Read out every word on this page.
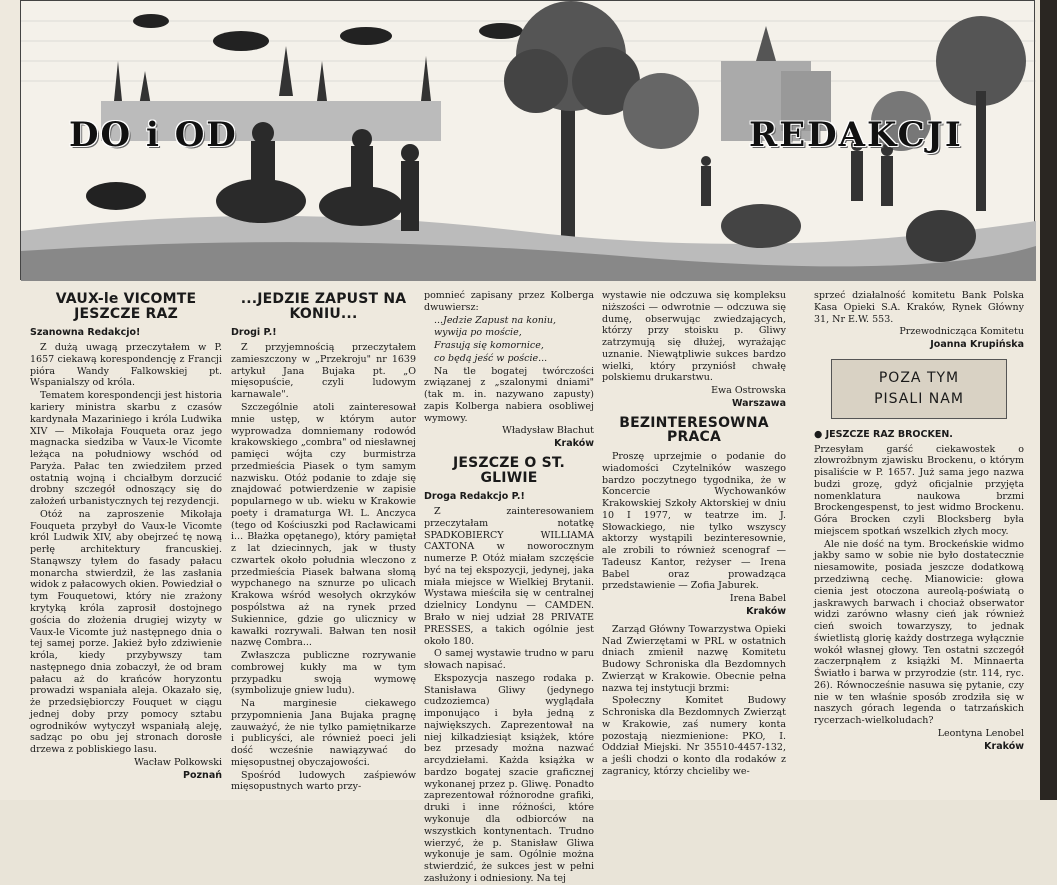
DO i OD	REDAKCJI
VAUX-le VICOMTE JESZCZE RAZ

Szanowna Redakcjo!

Z dużą uwagą przeczytałem w P. 1657 ciekawą korespondencję z Francji pióra Wandy Falkowskiej pt. Wspanialszy od króla.

Tematem korespondencji jest historia kariery ministra skarbu z czasów kardynała Mazariniego i króla Ludwika XIV — Mikołaja Fouqueta oraz jego magnacka siedziba w Vaux-le Vicomte leżąca na południowy wschód od Paryża. Pałac ten zwiedziłem przed ostatnią wojną i chciałbym dorzucić drobny szczegół odnoszący się do założeń urbanistycznych tej rezydencji.

Otóż na zaproszenie Mikołaja Fouqueta przybył do Vaux-le Vicomte król Ludwik XIV, aby obejrzeć tę nową perłę architektury francuskiej. Stanąwszy tyłem do fasady pałacu monarcha stwierdził, że las zasłania widok z pałacowych okien. Powiedział o tym Fouquetowi, który nie zrażony krytyką króla zaprosił dostojnego gościa do złożenia drugiej wizyty w Vaux-le Vicomte już następnego dnia o tej samej porze. Jakież było zdziwienie króla, kiedy przybywszy tam następnego dnia zobaczył, że od bram pałacu aż do krańców horyzontu prowadzi wspaniała aleja. Okazało się, że przedsiębiorczy Fouquet w ciągu jednej doby przy pomocy sztabu ogrodników wytyczył wspaniałą aleję, sadząc po obu jej stronach dorosłe drzewa z pobliskiego lasu.

Wacław Polkowski

Poznań

...JEDZIE ZAPUST NA KONIU...

Drogi P.!

Z przyjemnością przeczytałem zamieszczony w „Przekroju" nr 1639 artykuł Jana Bujaka pt. „O mięsopuście, czyli ludowym karnawale".

Szczególnie atoli zainteresował mnie ustęp, w którym autor wyprowadza domniemany rodowód krakowskiego „combra" od niesławnej pamięci wójta czy burmistrza przedmieścia Piasek o tym samym nazwisku. Otóż podanie to zdaje się znajdować potwierdzenie w zapisie popularnego w ub. wieku w Krakowie poety i dramaturga Wł. L. Anczyca (tego od Kościuszki pod Racławicami i... Błażka opętanego), który pamiętał z lat dziecinnych, jak w tłusty czwartek około południa wleczono z przedmieścia Piasek bałwana słomą wypchanego na sznurze po ulicach Krakowa wśród wesołych okrzyków pospólstwa aż na rynek przed Sukiennice, gdzie go ulicznicy w kawałki rozrywali. Bałwan ten nosił nazwę Combra...

Zwłaszcza publiczne rozrywanie combrowej kukły ma w tym przypadku swoją wymowę (symbolizuje gniew ludu).

Na marginesie ciekawego przypomnienia Jana Bujaka pragnę zauważyć, że nie tylko pamiętnikarze i publicyści, ale również poeci jeli dość wcześnie nawiązywać do mięsopustnej obyczajowości.

Spośród ludowych zaśpiewów mięsopustnych warto przy-

pomnieć zapisany przez Kolberga dwuwiersz:

...Jedzie Zapust na koniu,

wywija po moście,

Frasują się komornice,

co będą jeść w poście...

Na tle bogatej twórczości związanej z „szalonymi dniami" (tak m. in. nazywano zapusty) zapis Kolberga nabiera osobliwej wymowy.

Władysław Błachut

Kraków

JESZCZE O ST. GLIWIE

Droga Redakcjo P.!

Z zainteresowaniem przeczytałam notatkę SPADKOBIERCY WILLIAMA CAXTONA w noworocznym numerze P. Otóż miałam szczęście być na tej ekspozycji, jedynej, jaka miała miejsce w Wielkiej Brytanii. Wystawa mieściła się w centralnej dzielnicy Londynu — CAMDEN. Brało w niej udział 28 PRIVATE PRESSES, a takich ogólnie jest około 180.

O samej wystawie trudno w paru słowach napisać.

Ekspozycja naszego rodaka p. Stanisława Gliwy (jedynego cudzoziemca) wyglądała imponująco i była jedną z największych. Zaprezentował na niej kilkadziesiąt książek, które bez przesady można nazwać arcydziełami. Każda książka w bardzo bogatej szacie graficznej wykonanej przez p. Gliwę. Ponadto zaprezentował różnorodne grafiki, druki i inne różności, które wykonuje dla odbiorców na wszystkich kontynentach. Trudno wierzyć, że p. Stanisław Gliwa wykonuje je sam. Ogólnie można stwierdzić, że sukces jest w pełni zasłużony i odniesiony. Na tej

wystawie nie odczuwa się kompleksu niższości — odwrotnie — odczuwa się dumę, obserwując zwiedzających, którzy przy stoisku p. Gliwy zatrzymują się dłużej, wyrażając uznanie. Niewątpliwie sukces bardzo wielki, który przyniósł chwałę polskiemu drukarstwu.

Ewa Ostrowska

Warszawa

BEZINTERESOWNA PRACA

Proszę uprzejmie o podanie do wiadomości Czytelników waszego bardzo poczytnego tygodnika, że w Koncercie Wychowanków Krakowskiej Szkoły Aktorskiej w dniu 10 I 1977, w teatrze im. J. Słowackiego, nie tylko wszyscy aktorzy wystąpili bezinteresownie, ale zrobili to również scenograf — Tadeusz Kantor, reżyser — Irena Babel oraz prowadząca przedstawienie — Zofia Jaburek.

Irena Babel

Kraków

Zarząd Główny Towarzystwa Opieki Nad Zwierzętami w PRL w ostatnich dniach zmienił nazwę Komitetu Budowy Schroniska dla Bezdomnych Zwierząt w Krakowie. Obecnie pełna nazwa tej instytucji brzmi:

Społeczny Komitet Budowy Schroniska dla Bezdomnych Zwierząt w Krakowie, zaś numery konta pozostają niezmienione: PKO, I. Oddział Miejski. Nr 35510-4457-132, a jeśli chodzi o konto dla rodaków z zagranicy, którzy chcieliby we-

sprzeć działalność komitetu Bank Polska Kasa Opieki S.A. Kraków, Rynek Główny 31, Nr E.W. 553.

Przewodnicząca Komitetu

Joanna Krupińska

POZA TYM
PISALI NAM

● JESZCZE RAZ BROCKEN.

Przesyłam garść ciekawostek o złowrożbnym zjawisku Brockenu, o którym pisaliście w P. 1657. Już sama jego nazwa budzi grozę, gdyż oficjalnie przyjęta nomenklatura naukowa brzmi Brockengespenst, to jest widmo Brockenu. Góra Brocken czyli Blocksberg była miejscem spotkań wszelkich złych mocy.

Ale nie dość na tym. Brockeńskie widmo jakby samo w sobie nie było dostatecznie niesamowite, posiada jeszcze dodatkową przedziwną cechę. Mianowicie: głowa cienia jest otoczona aureolą-poświatą o jaskrawych barwach i chociaż obserwator widzi zarówno własny cień jak również cień swoich towarzyszy, to jednak świetlistą glorię każdy dostrzega wyłącznie wokół własnej głowy. Ten ostatni szczegół zaczerpnąłem z książki M. Minnaerta Światło i barwa w przyrodzie (str. 114, ryc. 26). Równocześnie nasuwa się pytanie, czy nie w ten właśnie sposób zrodziła się w naszych górach legenda o tatrzańskich rycerzach-wielkoludach?

Leontyna Lenobel

Kraków
